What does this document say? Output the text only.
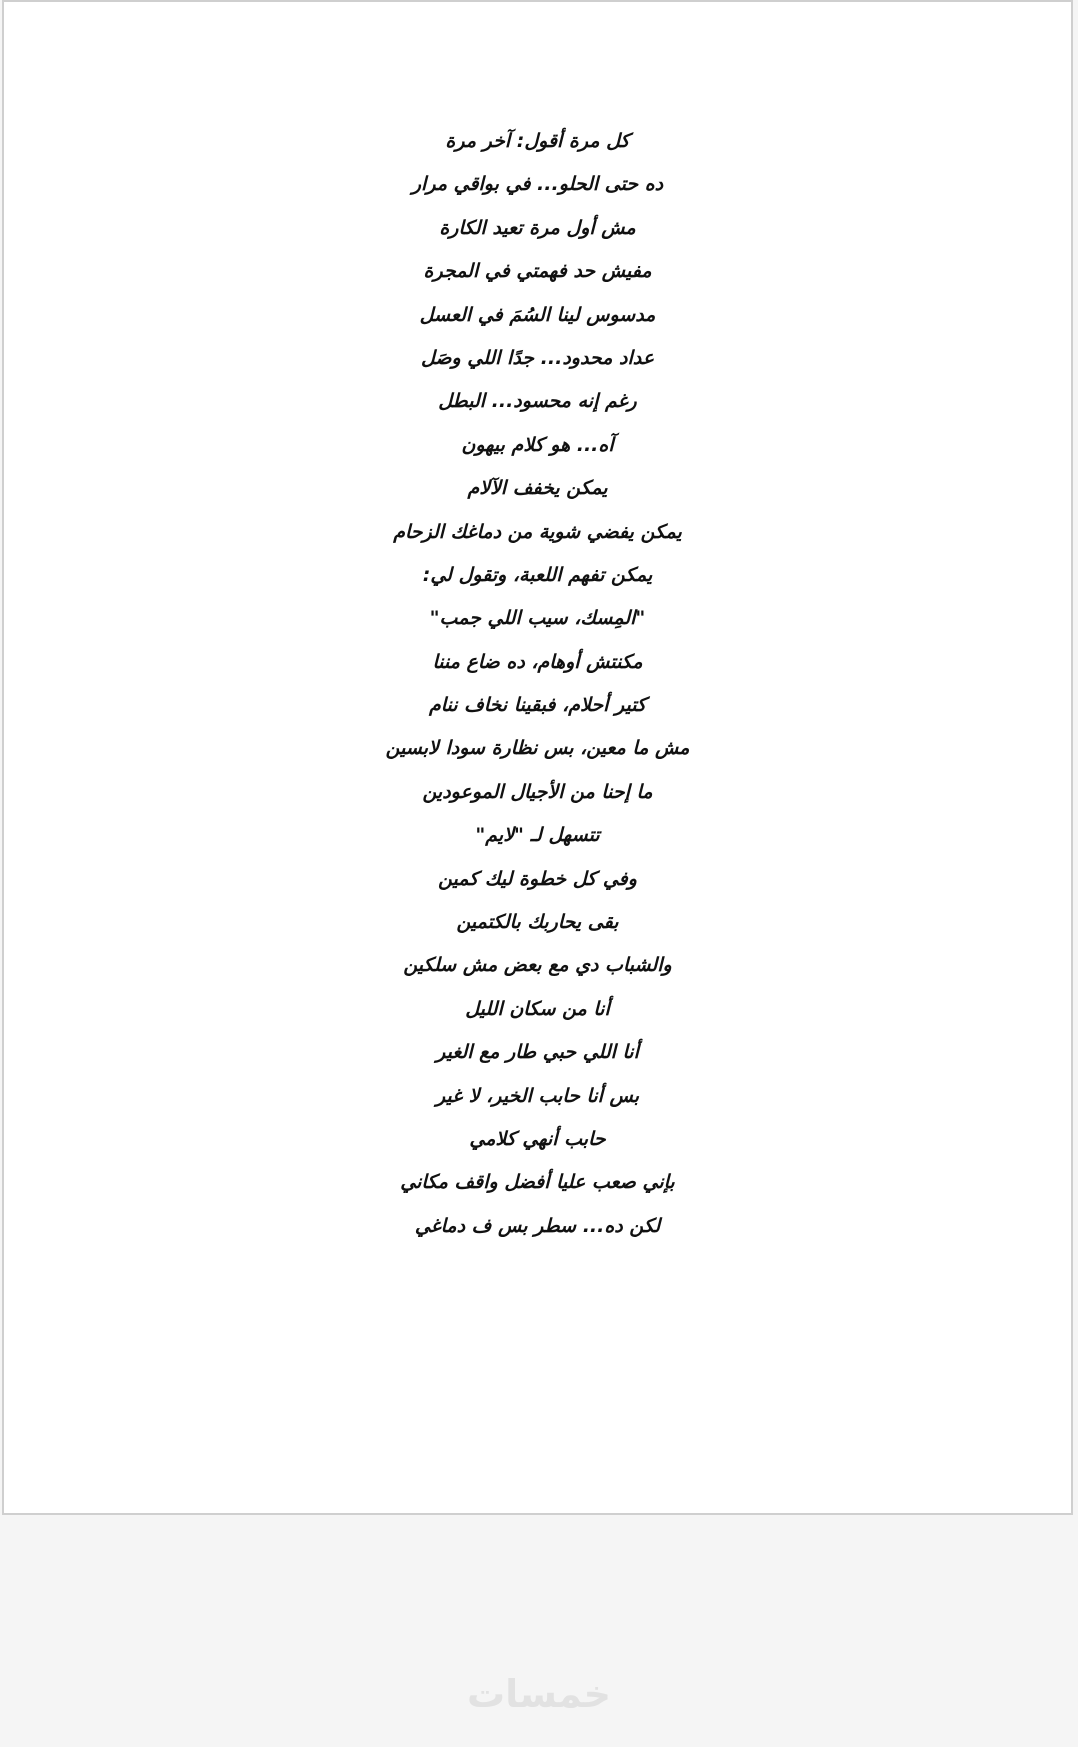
كل مرة أقول: آخر مرة
ده حتى الحلو... في بواقي مرار
مش أول مرة تعيد الكارة
مفيش حد فهمتي في المجرة
مدسوس لينا السُمَ في العسل
عداد محدود... جدًا اللي وصَل
رغم إنه محسود... البطل
آه... هو كلام بيهون
يمكن يخفف الآلام
يمكن يفضي شوية من دماغك الزحام
يمكن تفهم اللعبة، وتقول لي:
"المِسك، سيب اللي جمب"
مكنتش أوهام، ده ضاع مننا
كتير أحلام، فبقينا نخاف ننام
مش ما معين، بس نظارة سودا لابسين
ما إحنا من الأجيال الموعودين
تتسهل لـ "لايم"
وفي كل خطوة ليك كمين
بقى يحاربك بالكتمين
والشباب دي مع بعض مش سلكين
أنا من سكان الليل
أنا اللي حبي طار مع الغير
بس أنا حابب الخير، لا غير
حابب أنهي كلامي
بإني صعب عليا أفضل واقف مكاني
لكن ده... سطر بس ف دماغي
خمسات
